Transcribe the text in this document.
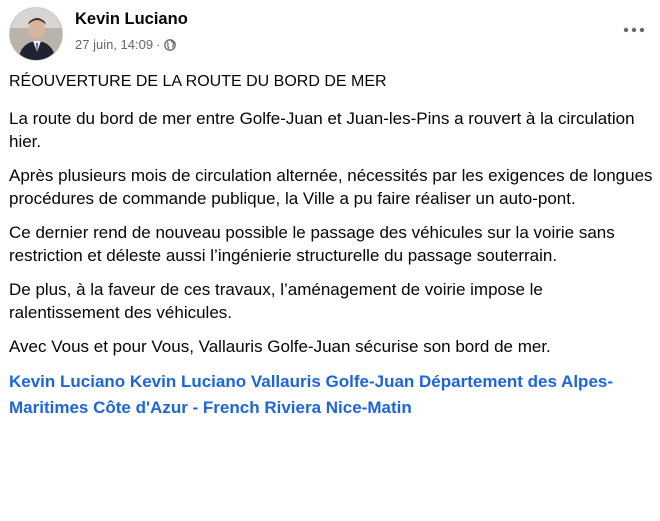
Kevin Luciano
27 juin, 14:09 ·

RÉOUVERTURE DE LA ROUTE DU BORD DE MER

La route du bord de mer entre Golfe-Juan et Juan-les-Pins a rouvert à la circulation hier.

Après plusieurs mois de circulation alternée, nécessités par les exigences de longues procédures de commande publique, la Ville a pu faire réaliser un auto-pont.

Ce dernier rend de nouveau possible le passage des véhicules sur la voirie sans restriction et déleste aussi l’ingénierie structurelle du passage souterrain.

De plus, à la faveur de ces travaux, l’aménagement de voirie impose le ralentissement des véhicules.

Avec Vous et pour Vous, Vallauris Golfe-Juan sécurise son bord de mer.

Kevin Luciano Kevin Luciano Vallauris Golfe-Juan Département des Alpes-Maritimes Côte d'Azur - French Riviera Nice-Matin
